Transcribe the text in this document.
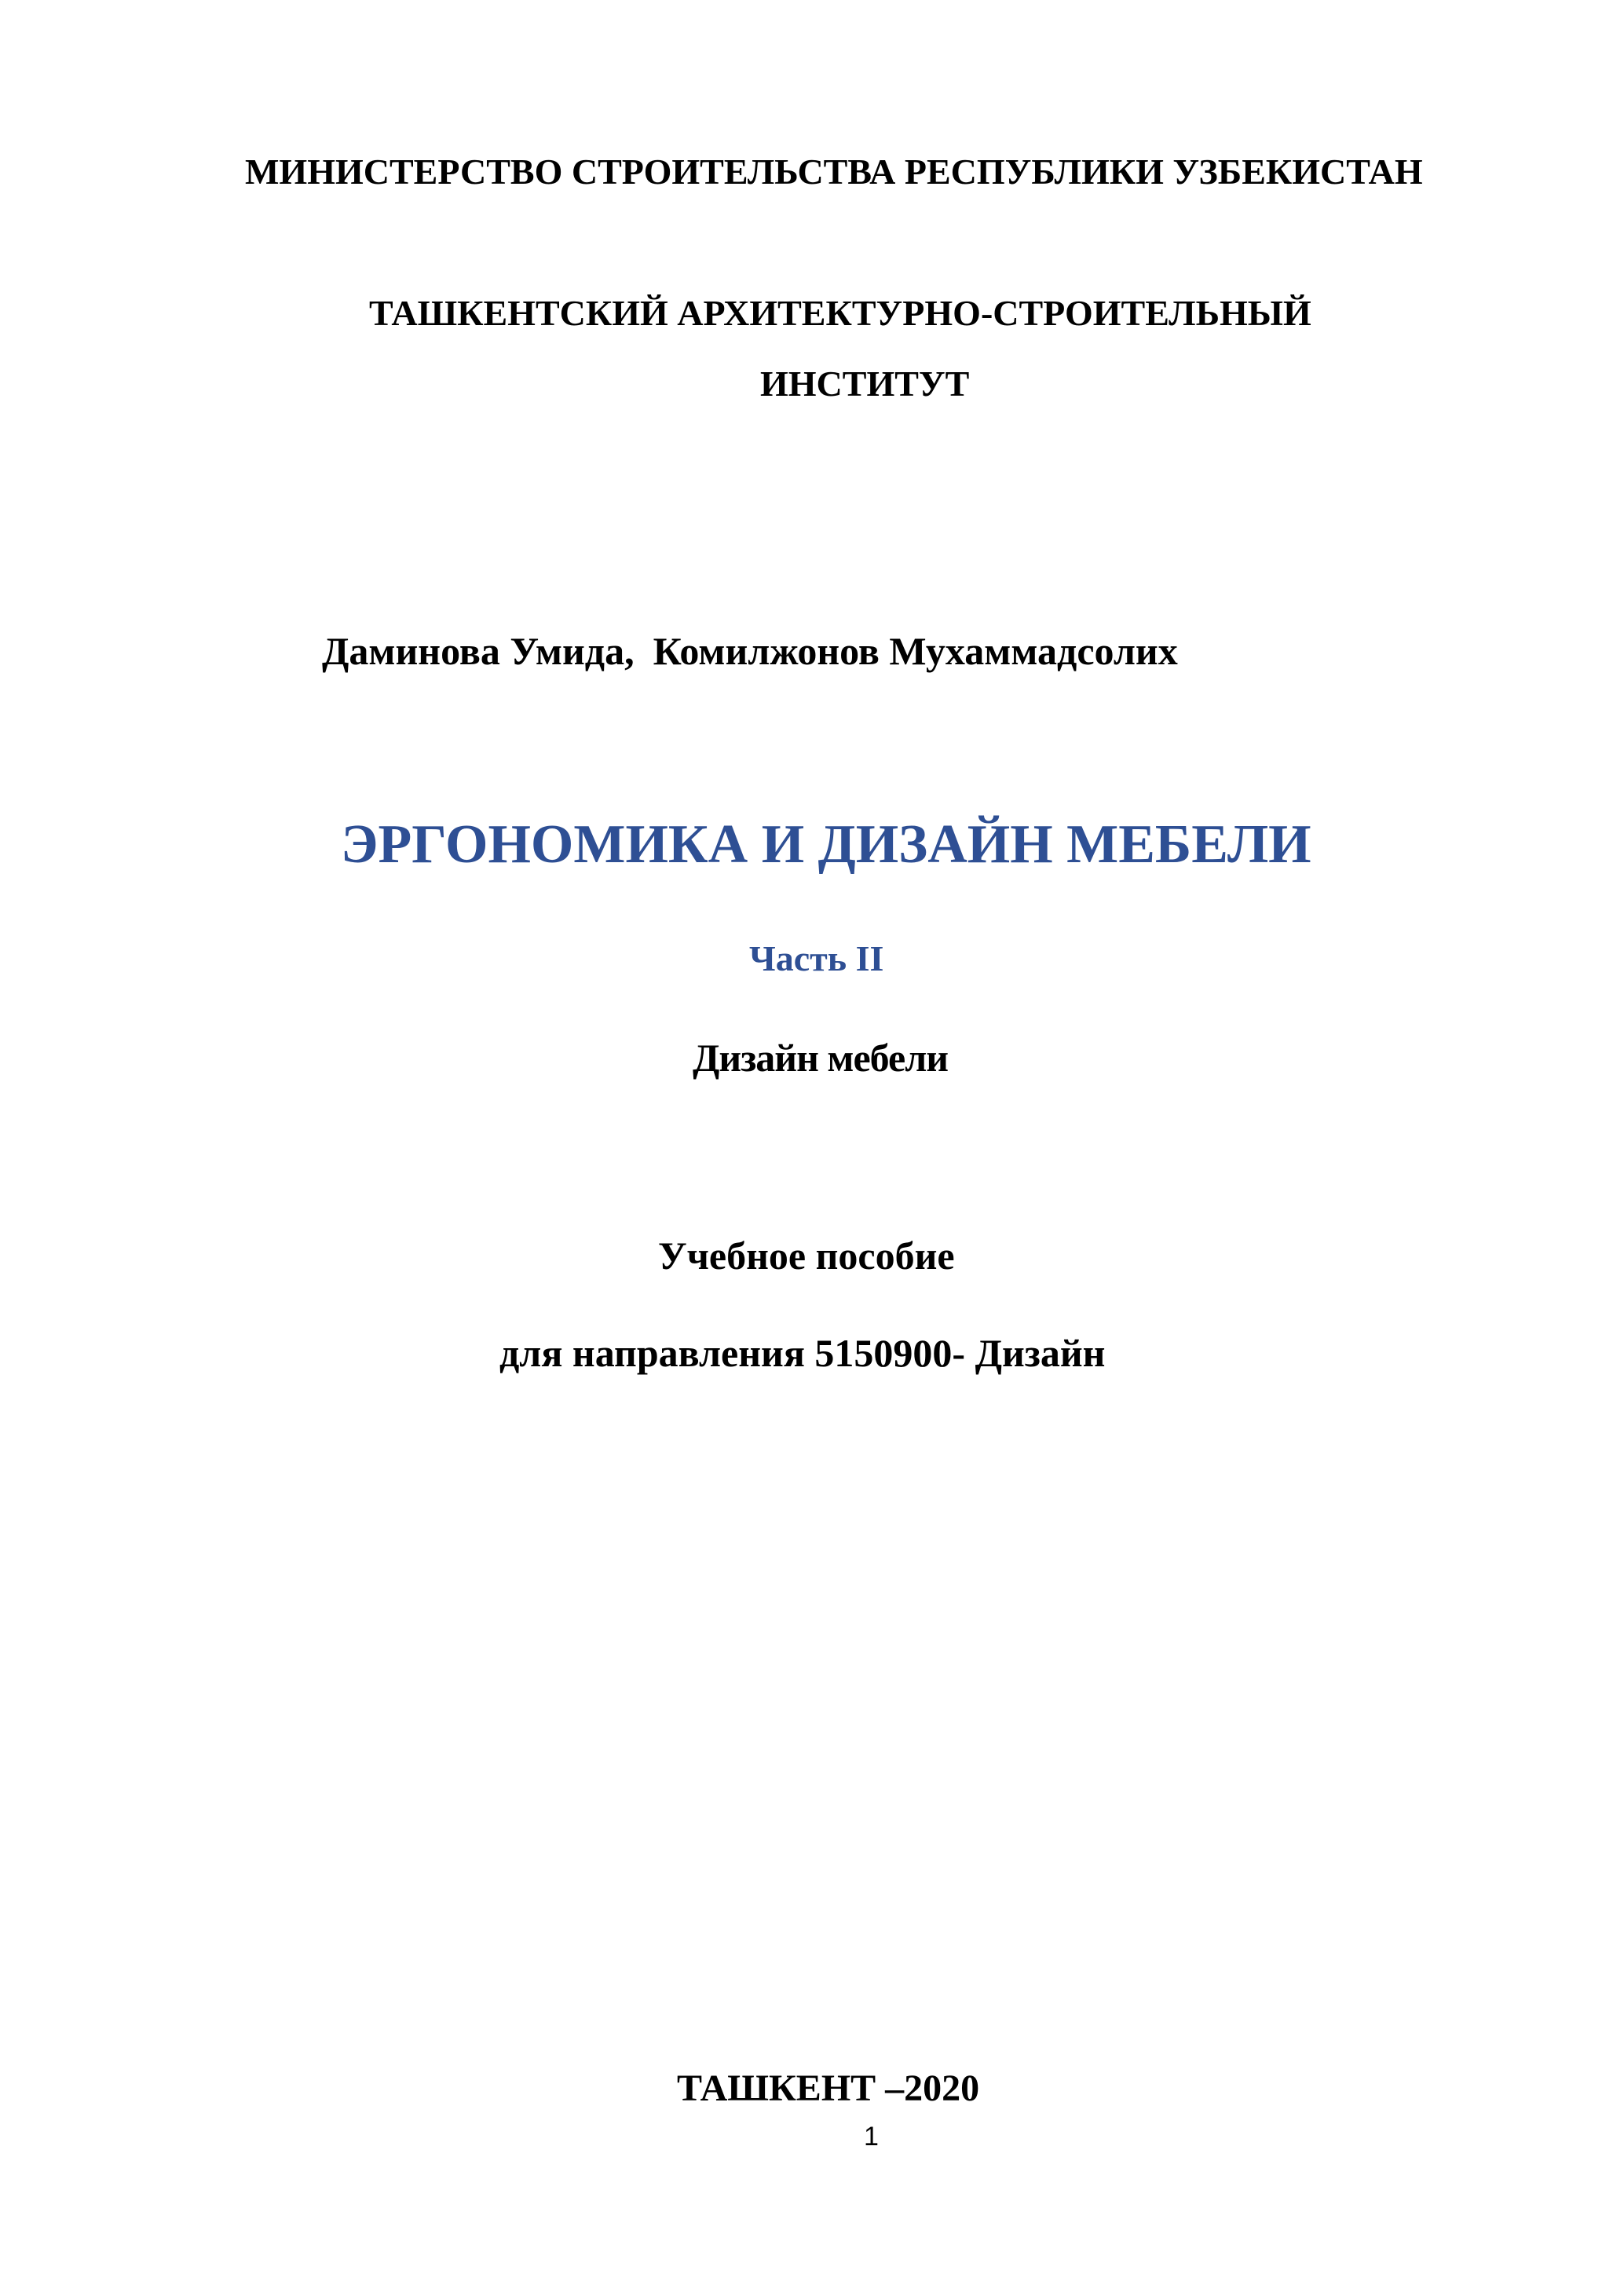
МИНИСТЕРСТВО СТРОИТЕЛЬСТВА РЕСПУБЛИКИ УЗБЕКИСТАН
ТАШКЕНТСКИЙ АРХИТЕКТУРНО-СТРОИТЕЛЬНЫЙ
ИНСТИТУТ
Даминова Умида, Комилжонов Мухаммадсолих
ЭРГОНОМИКА И ДИЗАЙН МЕБЕЛИ
Часть II
Дизайн мебели
Учебное пособие
для направления 5150900- Дизайн
ТАШКЕНТ –2020
1
